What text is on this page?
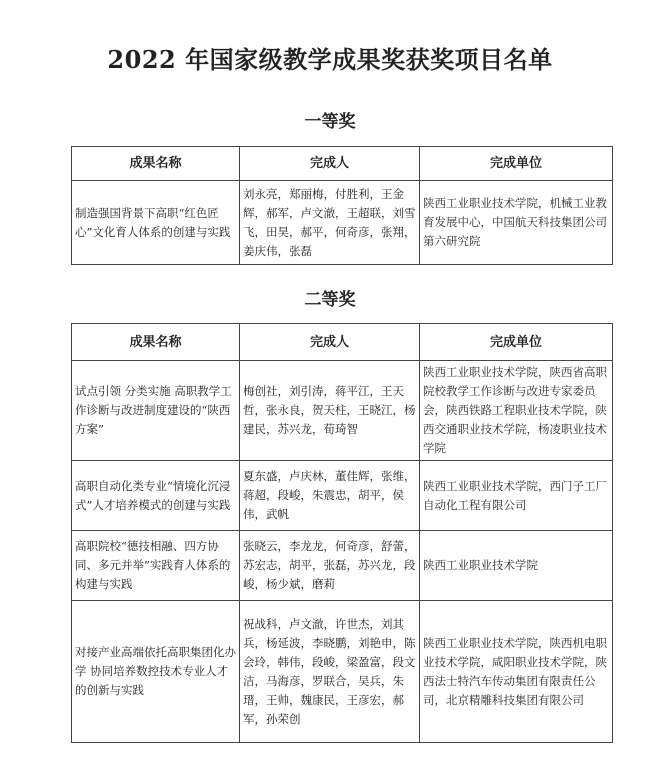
2022 年国家级教学成果奖获奖项目名单
一等奖
成果名称	完成人	完成单位
制造强国背景下高职“红色匠心”文化育人体系的创建与实践	刘永亮，郑丽梅，付胜利，王金辉，郝军，卢文澈，王超联，刘雪飞，田昊，郝平，何奇彦，张翔，姜庆伟，张磊	陕西工业职业技术学院，机械工业教育发展中心，中国航天科技集团公司第六研究院
二等奖
成果名称	完成人	完成单位
试点引领 分类实施 高职教学工作诊断与改进制度建设的“陕西方案”	梅创社，刘引涛，蒋平江，王天哲，张永良，贺天柱，王晓江，杨建民，苏兴龙，荀琦智	陕西工业职业技术学院，陕西省高职院校教学工作诊断与改进专家委员会，陕西铁路工程职业技术学院，陕西交通职业技术学院，杨凌职业技术学院
高职自动化类专业“情境化沉浸式”人才培养模式的创建与实践	夏东盛，卢庆林，董佳辉，张维，蒋超，段峻，朱震忠，胡平，侯伟，武帆	陕西工业职业技术学院，西门子工厂自动化工程有限公司
高职院校“德技相融、四方协同、多元并举”实践育人体系的构建与实践	张晓云，李龙龙，何奇彦，舒蕾，苏宏志，胡平，张磊，苏兴龙，段峻，杨少斌，磨莉	陕西工业职业技术学院
对接产业高端依托高职集团化办学 协同培养数控技术专业人才的创新与实践	祝战科，卢文澈，许世杰，刘其兵，杨延波，李晓鹏，刘艳申，陈会玲，韩伟，段峻，梁盈富，段文洁，马海彦，罗联合，吴兵，朱瑨，王帅，魏康民，王彦宏，郝军，孙荣创	陕西工业职业技术学院，陕西机电职业技术学院，咸阳职业技术学院，陕西法士特汽车传动集团有限责任公司，北京精雕科技集团有限公司
